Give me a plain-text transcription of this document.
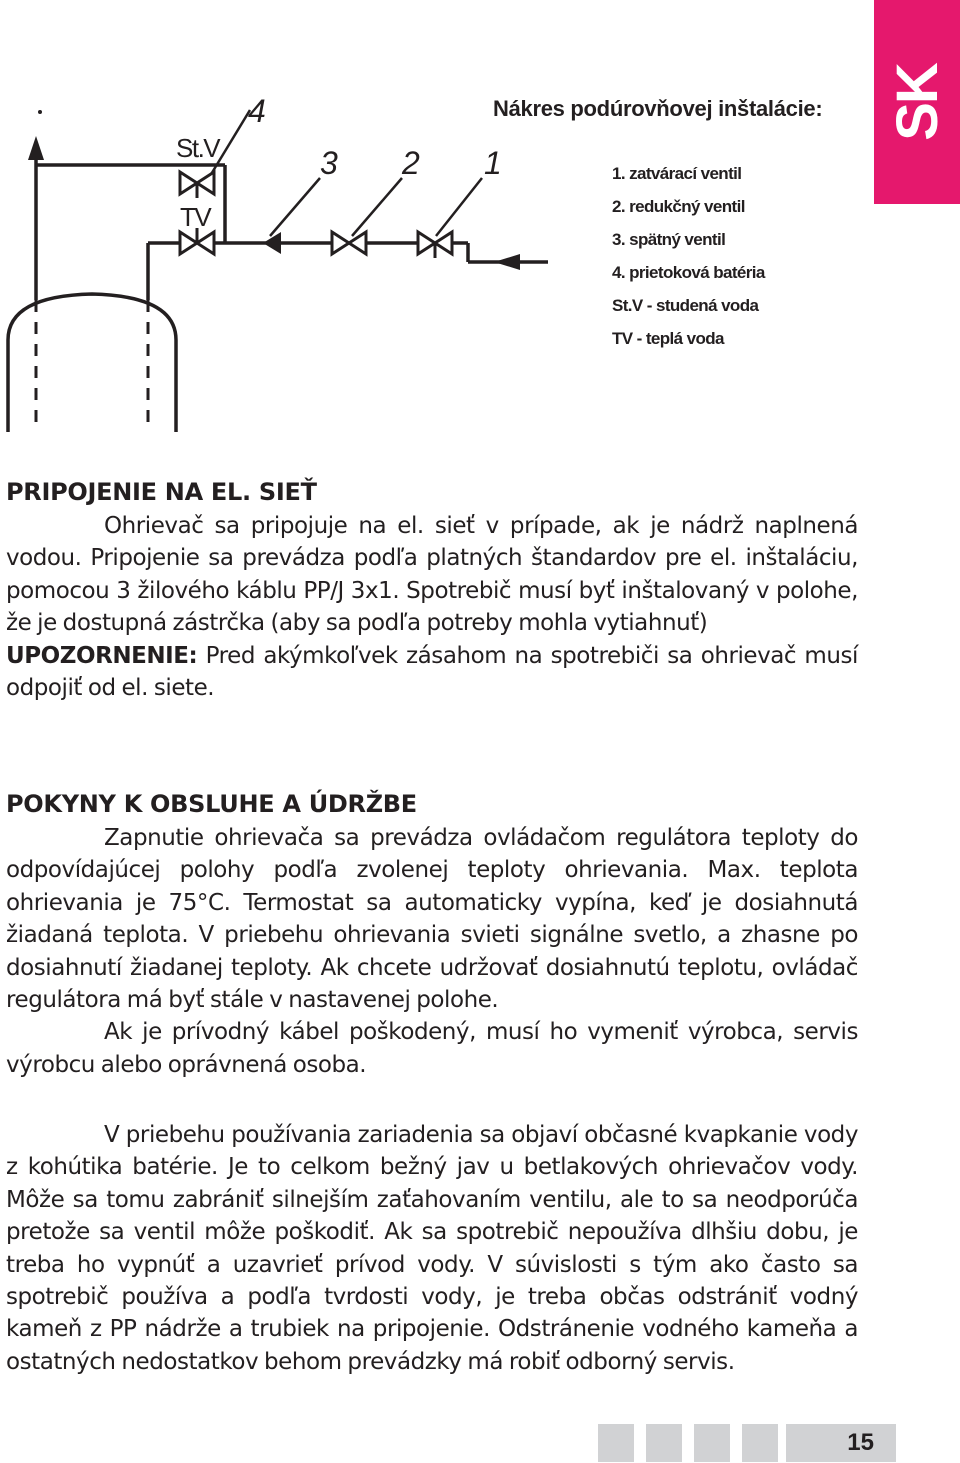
SK
St.V
TV
4
3 2 1
Nákres podúrovňovej inštalácie:
1. zatvárací ventil
2. redukčný ventil
3. spätný ventil
4. prietoková batéria
St.V - studená voda
TV - teplá voda
PRIPOJENIE NA EL. SIEŤ

Ohrievač sa pripojuje na el. sieť v prípade, ak je nádrž naplnená vodou. Pripojenie sa prevádza podľa platných štandardov pre el. inštaláciu, pomocou 3 žilového káblu PP/J 3x1. Spotrebič musí byť inštalovaný v polohe, že je dostupná zástrčka (aby sa podľa potreby mohla vytiahnuť)
UPOZORNENIE: Pred akýmkoľvek zásahom na spotrebiči sa ohrievač musí odpojiť od el. siete.

POKYNY K OBSLUHE A ÚDRŽBE

Zapnutie ohrievača sa prevádza ovládačom regulátora teploty do odpovídajúcej polohy podľa zvolenej teploty ohrievania. Max. teplota ohrievania je 75°C. Termostat sa automaticky vypína, keď je dosiahnutá žiadaná teplota. V priebehu ohrievania svieti signálne svetlo, a zhasne po dosiahnutí žiadanej teploty. Ak chcete udržovať dosiahnutú teplotu, ovládač regulátora má byť stále v nastavenej polohe.
Ak je prívodný kábel poškodený, musí ho vymeniť výrobca, servis výrobcu alebo oprávnená osoba.

V priebehu používania zariadenia sa objaví občasné kvapkanie vody z kohútika batérie. Je to celkom bežný jav u betlakových ohrievačov vody. Môže sa tomu zabrániť silnejším zaťahovaním ventilu, ale to sa neodporúča pretože sa ventil môže poškodiť. Ak sa spotrebič nepoužíva dlhšiu dobu, je treba ho vypnúť a uzavrieť prívod vody. V súvislosti s tým ako často sa spotrebič používa a podľa tvrdosti vody, je treba občas odstrániť vodný kameň z PP nádrže a trubiek na pripojenie. Odstránenie vodného kameňa a ostatných nedostatkov behom prevádzky má robiť odborný servis.

15
